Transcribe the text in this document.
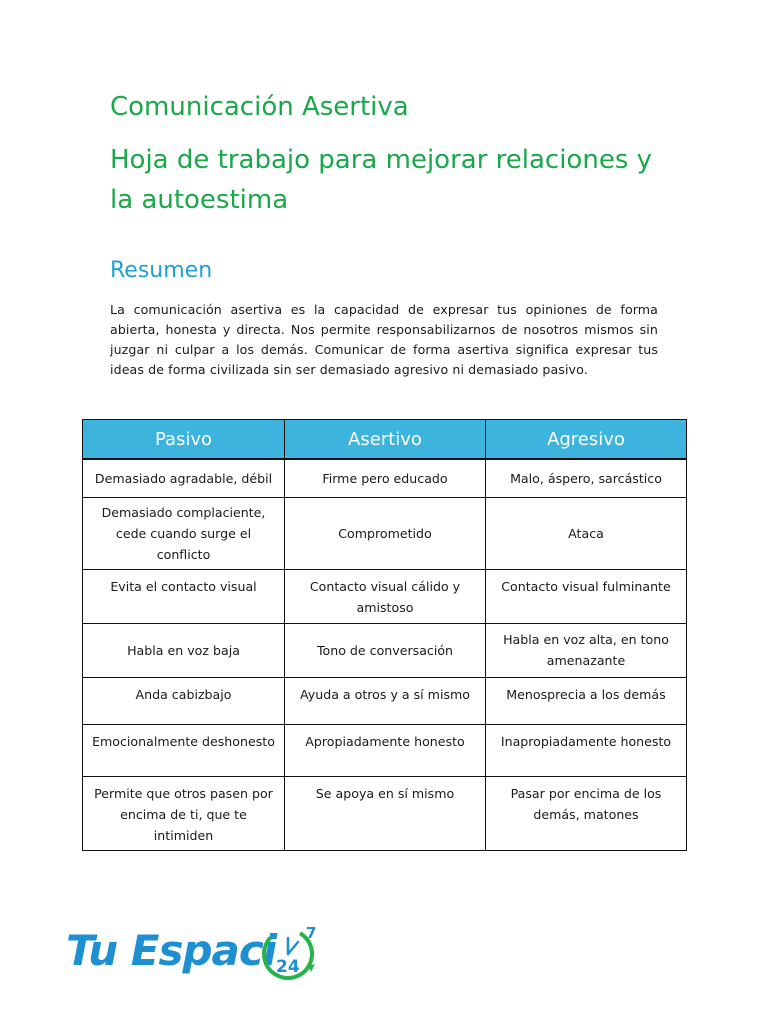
Comunicación Asertiva
Hoja de trabajo para mejorar relaciones y la autoestima
Resumen

La comunicación asertiva es la capacidad de expresar tus opiniones de forma abierta, honesta y directa. Nos permite responsabilizarnos de nosotros mismos sin juzgar ni culpar a los demás. Comunicar de forma asertiva significa expresar tus ideas de forma civilizada sin ser demasiado agresivo ni demasiado pasivo.

Pasivo	Asertivo	Agresivo
Demasiado agradable, débil	Firme pero educado	Malo, áspero, sarcástico
Demasiado complaciente, cede cuando surge el conflicto	Comprometido	Ataca
Evita el contacto visual	Contacto visual cálido y amistoso	Contacto visual fulminante
Habla en voz baja	Tono de conversación	Habla en voz alta, en tono amenazante
Anda cabizbajo	Ayuda a otros y a sí mismo	Menosprecia a los demás
Emocionalmente deshonesto	Apropiadamente honesto	Inapropiadamente honesto
Permite que otros pasen por encima de ti, que te intimiden	Se apoya en sí mismo	Pasar por encima de los demás, matones
Tu Espaci 24
7
